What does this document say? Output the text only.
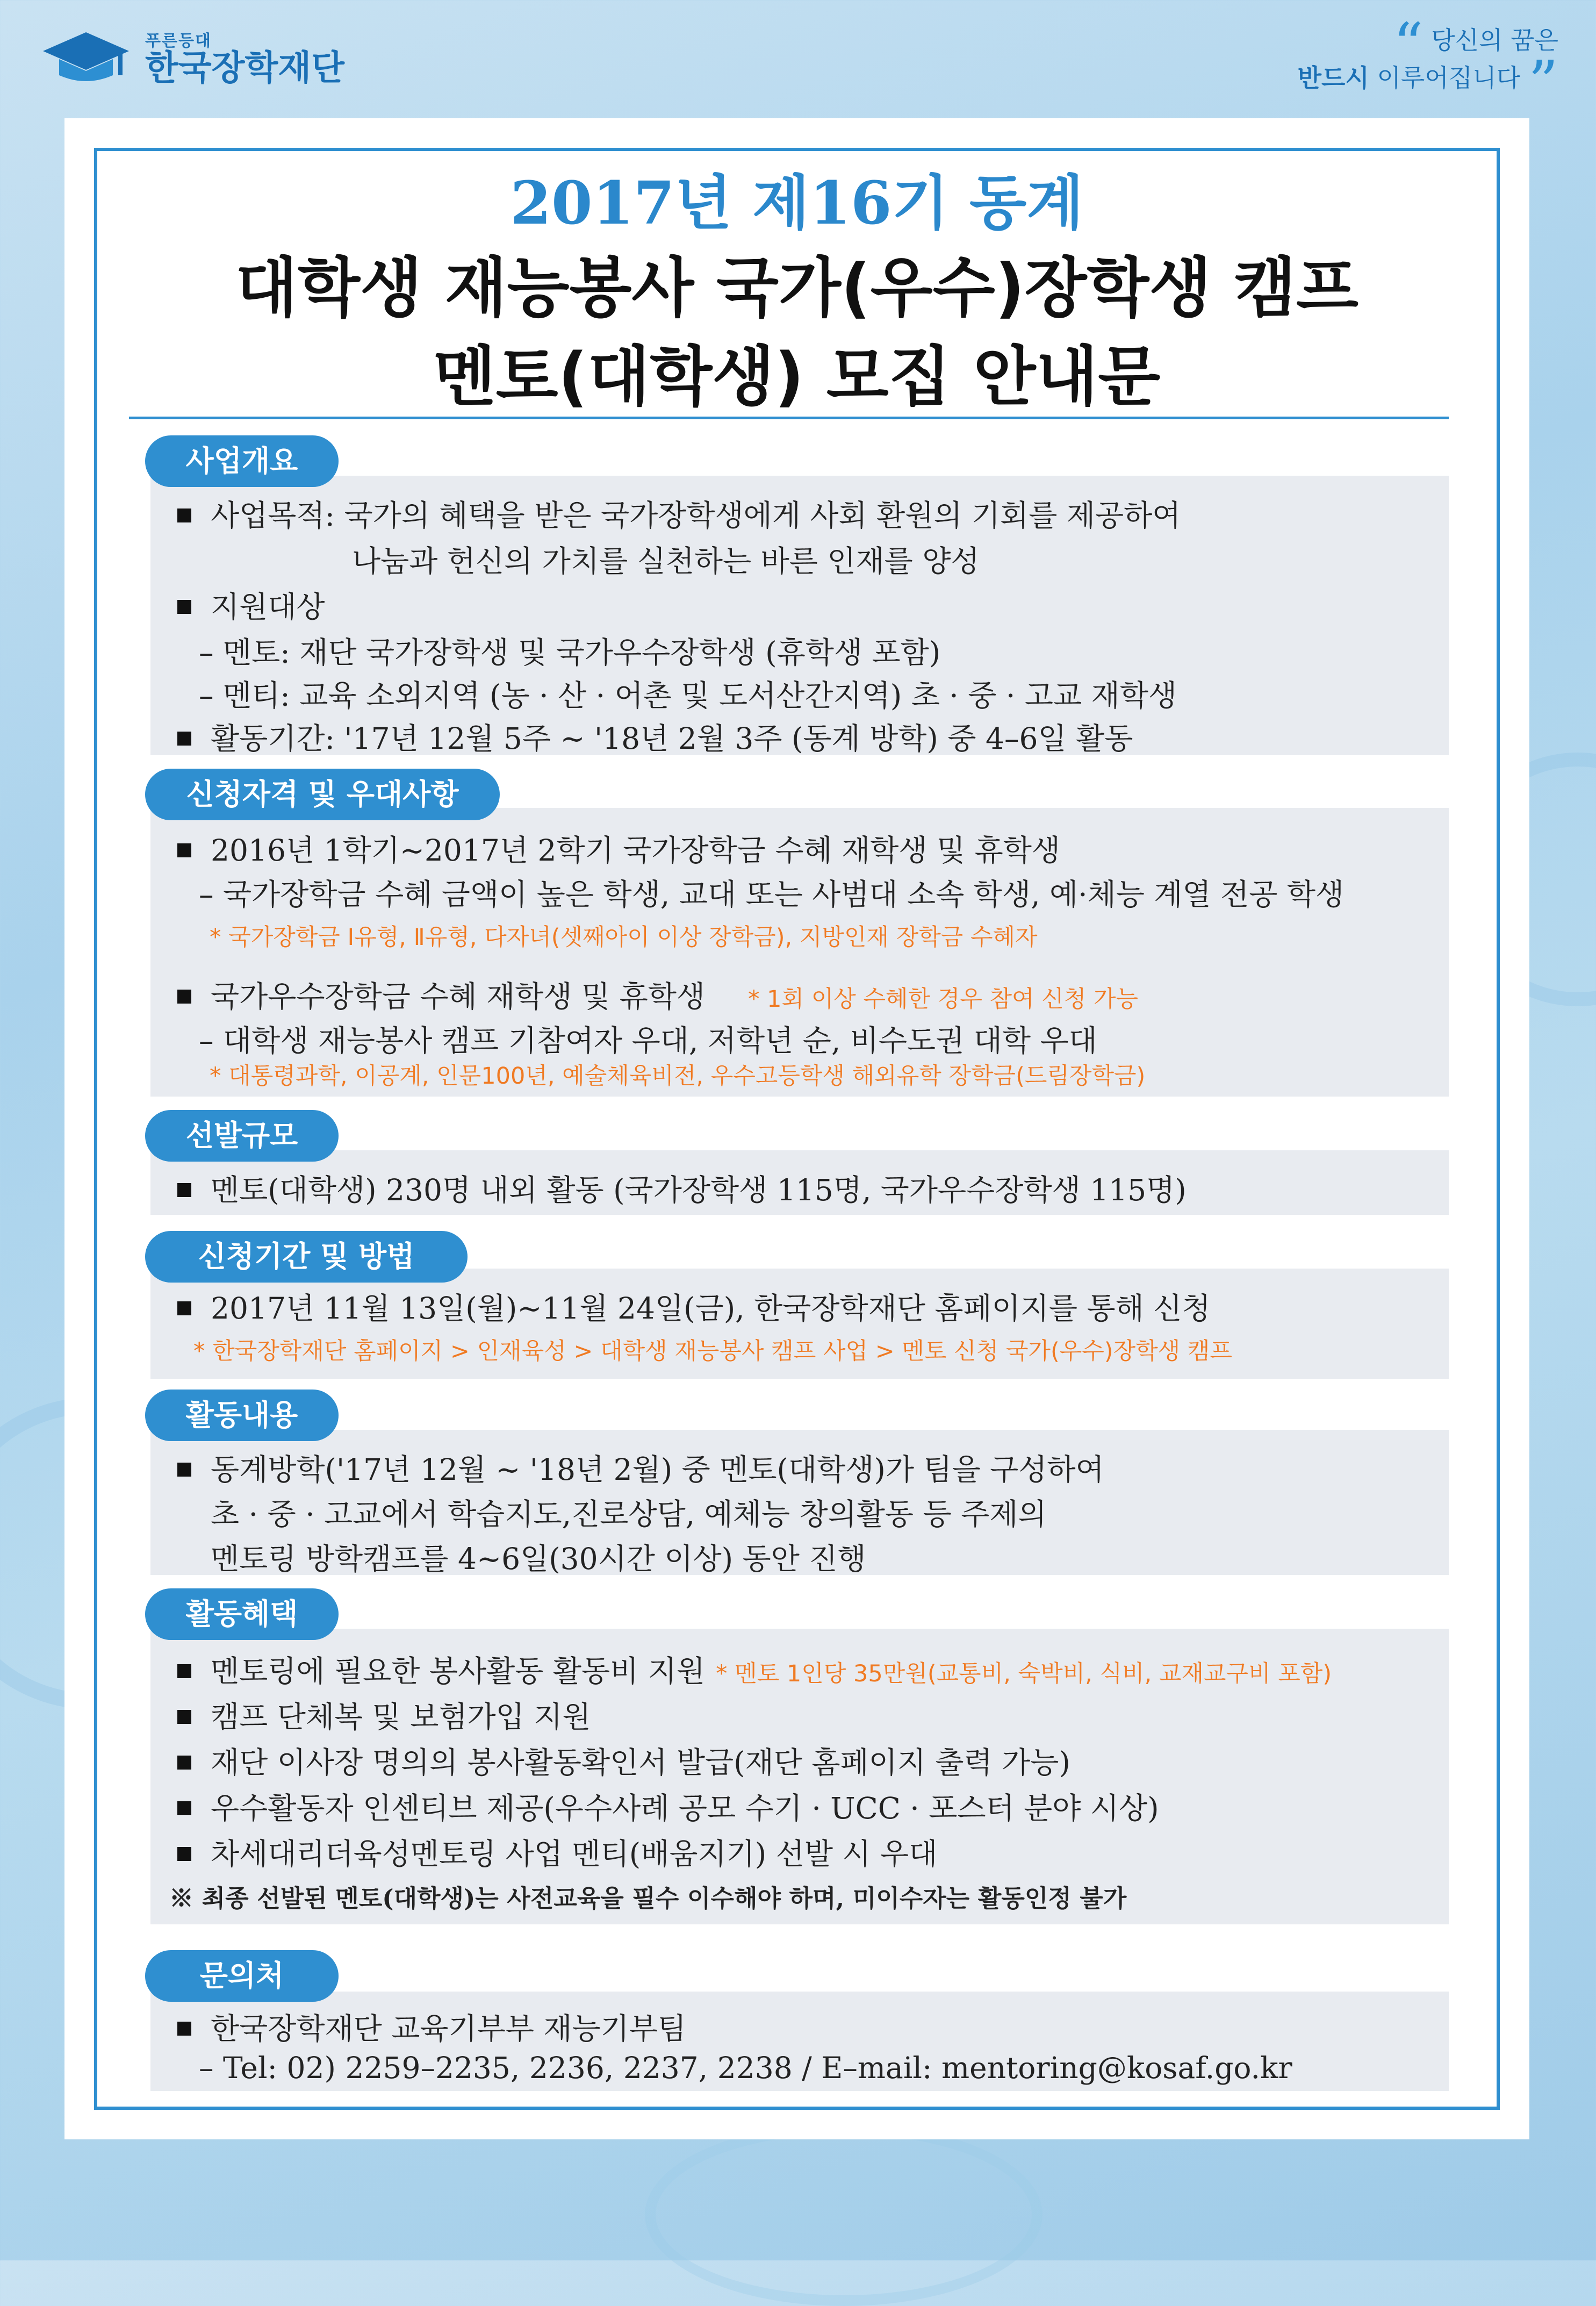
푸른등대
한국장학재단	“ 당신의 꿈은
반드시 이루어집니다 ”
2017년 제16기 동계
대학생 재능봉사 국가(우수)장학생 캠프
멘토(대학생) 모집 안내문
사업개요
사업목적: 국가의 혜택을 받은 국가장학생에게 사회 환원의 기회를 제공하여
나눔과 헌신의 가치를 실천하는 바른 인재를 양성
지원대상
– 멘토: 재단 국가장학생 및 국가우수장학생 (휴학생 포함)
– 멘티: 교육 소외지역 (농 · 산 · 어촌 및 도서산간지역) 초 · 중 · 고교 재학생
활동기간: '17년 12월 5주 ~ '18년 2월 3주 (동계 방학) 중 4–6일 활동
신청자격 및 우대사항
2016년 1학기~2017년 2학기 국가장학금 수혜 재학생 및 휴학생
– 국가장학금 수혜 금액이 높은 학생, 교대 또는 사범대 소속 학생, 예·체능 계열 전공 학생
* 국가장학금 Ⅰ유형, Ⅱ유형, 다자녀(셋째아이 이상 장학금), 지방인재 장학금 수혜자
국가우수장학금 수혜 재학생 및 휴학생 * 1회 이상 수혜한 경우 참여 신청 가능
– 대학생 재능봉사 캠프 기참여자 우대, 저학년 순, 비수도권 대학 우대
* 대통령과학, 이공계, 인문100년, 예술체육비전, 우수고등학생 해외유학 장학금(드림장학금)
선발규모
멘토(대학생) 230명 내외 활동 (국가장학생 115명, 국가우수장학생 115명)
신청기간 및 방법
2017년 11월 13일(월)~11월 24일(금), 한국장학재단 홈페이지를 통해 신청
* 한국장학재단 홈페이지 > 인재육성 > 대학생 재능봉사 캠프 사업 > 멘토 신청 국가(우수)장학생 캠프
활동내용
동계방학('17년 12월 ~ '18년 2월) 중 멘토(대학생)가 팀을 구성하여
초 · 중 · 고교에서 학습지도,진로상담, 예체능 창의활동 등 주제의
멘토링 방학캠프를 4~6일(30시간 이상) 동안 진행
활동혜택
멘토링에 필요한 봉사활동 활동비 지원 * 멘토 1인당 35만원(교통비, 숙박비, 식비, 교재교구비 포함)
캠프 단체복 및 보험가입 지원
재단 이사장 명의의 봉사활동확인서 발급(재단 홈페이지 출력 가능)
우수활동자 인센티브 제공(우수사례 공모 수기 · UCC · 포스터 분야 시상)
차세대리더육성멘토링 사업 멘티(배움지기) 선발 시 우대
※ 최종 선발된 멘토(대학생)는 사전교육을 필수 이수해야 하며, 미이수자는 활동인정 불가
문의처
한국장학재단 교육기부부 재능기부팀
– Tel: 02) 2259–2235, 2236, 2237, 2238 / E–mail: mentoring@kosaf.go.kr
